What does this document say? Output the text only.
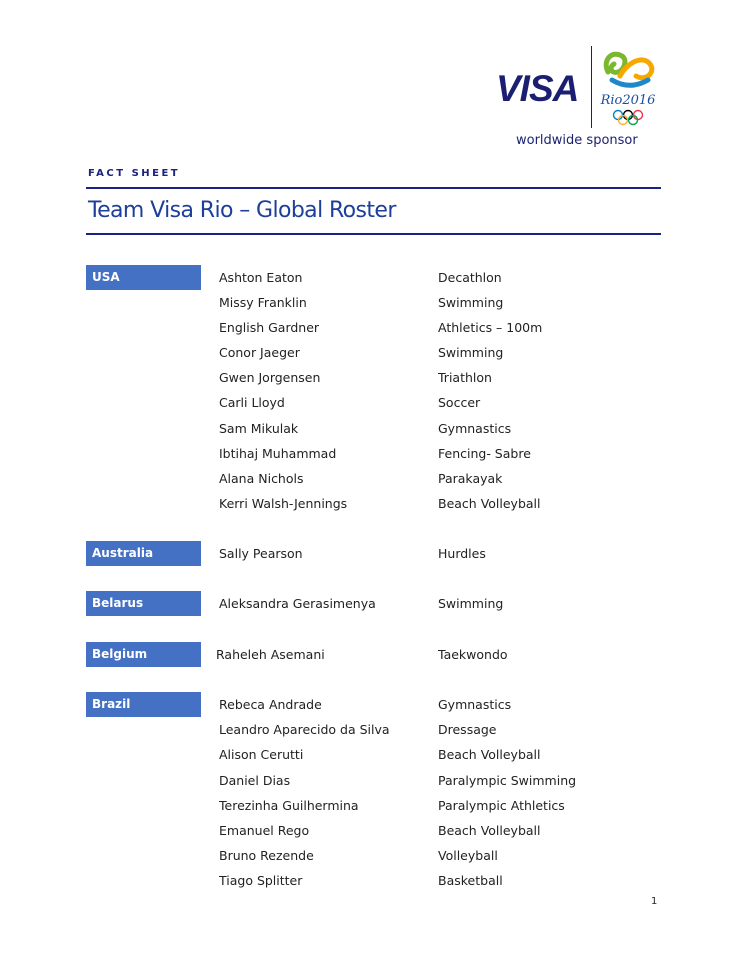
VISA Rio2016
worldwide sponsor
FACT SHEET
Team Visa Rio – Global Roster
USA	Ashton Eaton	Decathlon
Missy Franklin	Swimming
English Gardner	Athletics – 100m
Conor Jaeger	Swimming
Gwen Jorgensen	Triathlon
Carli Lloyd	Soccer
Sam Mikulak	Gymnastics
Ibtihaj Muhammad	Fencing- Sabre
Alana Nichols	Parakayak
Kerri Walsh-Jennings	Beach Volleyball
Australia	Sally Pearson	Hurdles
Belarus	Aleksandra Gerasimenya	Swimming
Belgium	Raheleh Asemani	Taekwondo
Brazil	Rebeca Andrade	Gymnastics
Leandro Aparecido da Silva	Dressage
Alison Cerutti	Beach Volleyball
Daniel Dias	Paralympic Swimming
Terezinha Guilhermina	Paralympic Athletics
Emanuel Rego	Beach Volleyball
Bruno Rezende	Volleyball
Tiago Splitter	Basketball
1
